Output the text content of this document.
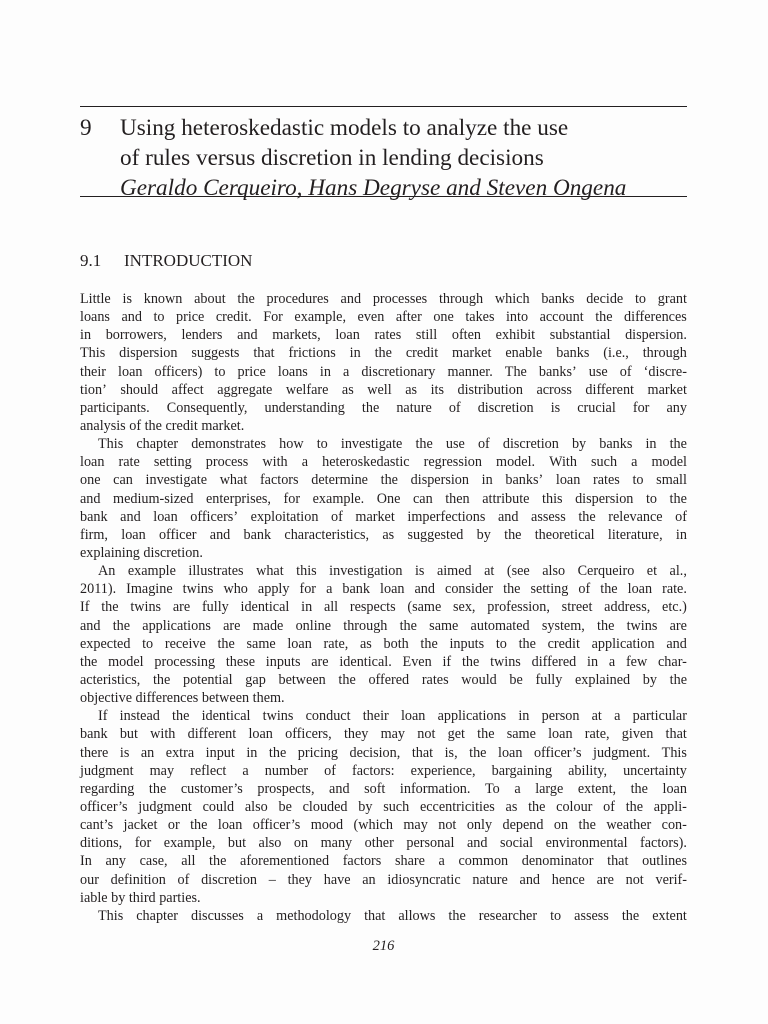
9	Using heteroskedastic models to analyze the use
of rules versus discretion in lending decisions
Geraldo Cerqueiro, Hans Degryse and Steven Ongena
9.1	INTRODUCTION
Little is known about the procedures and processes through which banks decide to grant
loans and to price credit. For example, even after one takes into account the differences
in borrowers, lenders and markets, loan rates still often exhibit substantial dispersion.
This dispersion suggests that frictions in the credit market enable banks (i.e., through
their loan officers) to price loans in a discretionary manner. The banks’ use of ‘discre-
tion’ should affect aggregate welfare as well as its distribution across different market
participants. Consequently, understanding the nature of discretion is crucial for any
analysis of the credit market.
This chapter demonstrates how to investigate the use of discretion by banks in the
loan rate setting process with a heteroskedastic regression model. With such a model
one can investigate what factors determine the dispersion in banks’ loan rates to small
and medium-sized enterprises, for example. One can then attribute this dispersion to the
bank and loan officers’ exploitation of market imperfections and assess the relevance of
firm, loan officer and bank characteristics, as suggested by the theoretical literature, in
explaining discretion.
An example illustrates what this investigation is aimed at (see also Cerqueiro et al.,
2011). Imagine twins who apply for a bank loan and consider the setting of the loan rate.
If the twins are fully identical in all respects (same sex, profession, street address, etc.)
and the applications are made online through the same automated system, the twins are
expected to receive the same loan rate, as both the inputs to the credit application and
the model processing these inputs are identical. Even if the twins differed in a few char-
acteristics, the potential gap between the offered rates would be fully explained by the
objective differences between them.
If instead the identical twins conduct their loan applications in person at a particular
bank but with different loan officers, they may not get the same loan rate, given that
there is an extra input in the pricing decision, that is, the loan officer’s judgment. This
judgment may reflect a number of factors: experience, bargaining ability, uncertainty
regarding the customer’s prospects, and soft information. To a large extent, the loan
officer’s judgment could also be clouded by such eccentricities as the colour of the appli-
cant’s jacket or the loan officer’s mood (which may not only depend on the weather con-
ditions, for example, but also on many other personal and social environmental factors).
In any case, all the aforementioned factors share a common denominator that outlines
our definition of discretion – they have an idiosyncratic nature and hence are not verif-
iable by third parties.
This chapter discusses a methodology that allows the researcher to assess the extent
216
